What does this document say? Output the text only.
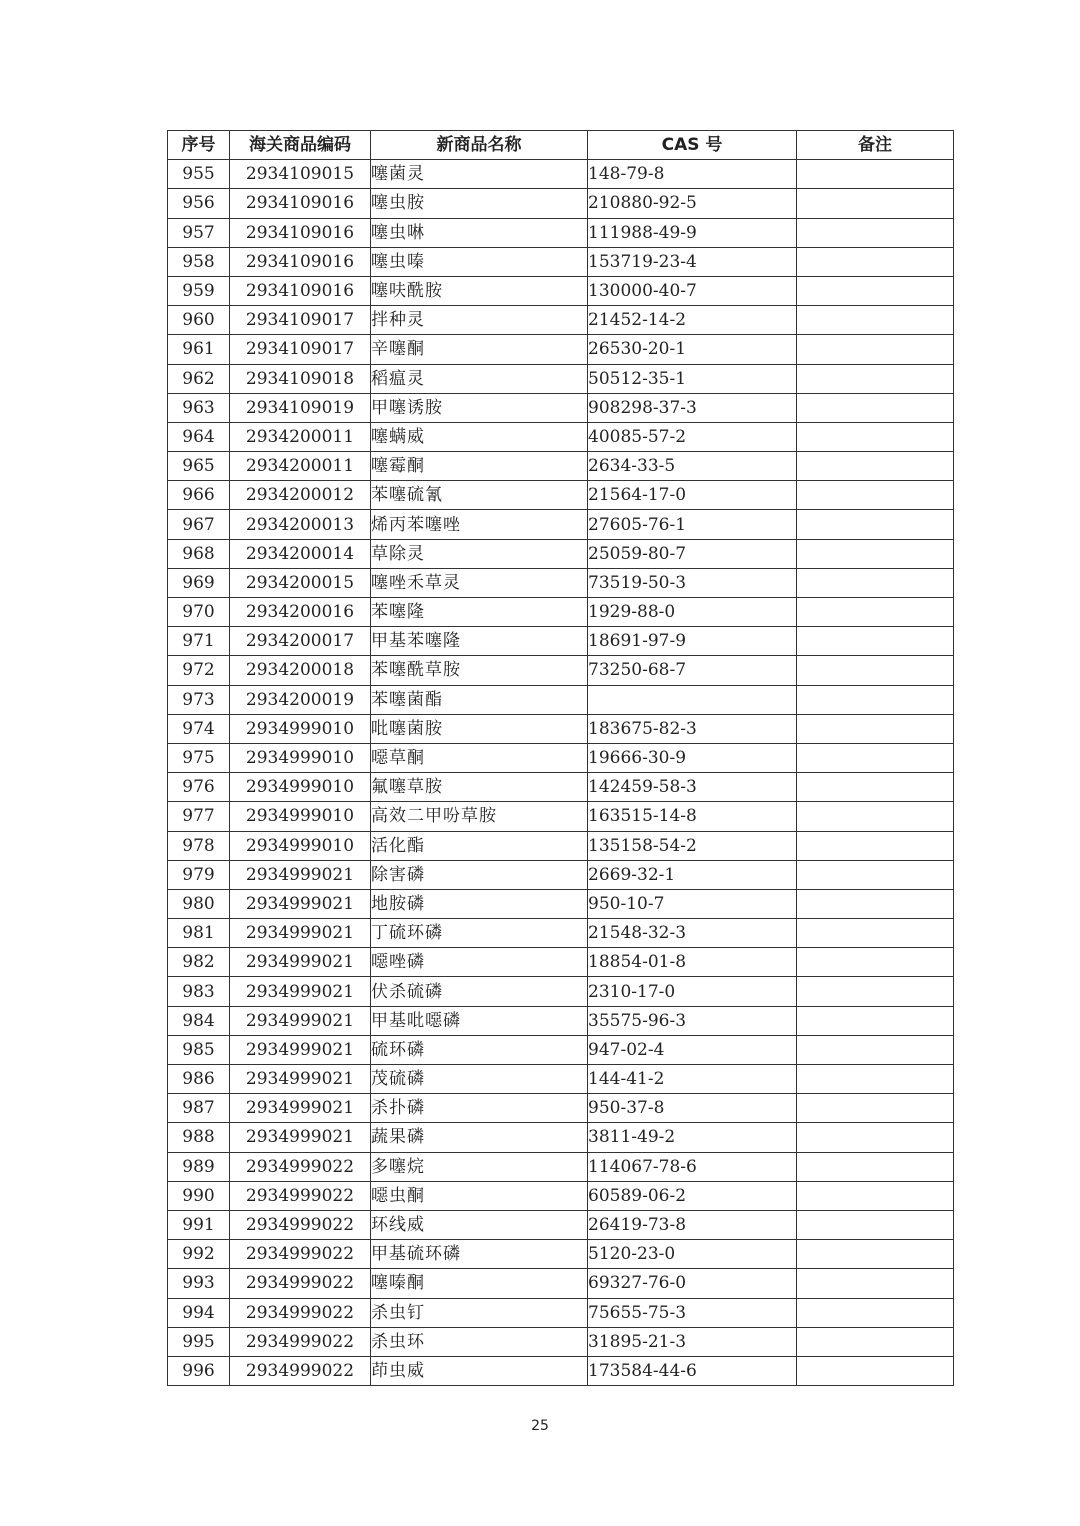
序号	海关商品编码	新商品名称	CAS 号	备注
955	2934109015	噻菌灵	148-79-8	
956	2934109016	噻虫胺	210880-92-5	
957	2934109016	噻虫啉	111988-49-9	
958	2934109016	噻虫嗪	153719-23-4	
959	2934109016	噻呋酰胺	130000-40-7	
960	2934109017	拌种灵	21452-14-2	
961	2934109017	辛噻酮	26530-20-1	
962	2934109018	稻瘟灵	50512-35-1	
963	2934109019	甲噻诱胺	908298-37-3	
964	2934200011	噻螨威	40085-57-2	
965	2934200011	噻霉酮	2634-33-5	
966	2934200012	苯噻硫氰	21564-17-0	
967	2934200013	烯丙苯噻唑	27605-76-1	
968	2934200014	草除灵	25059-80-7	
969	2934200015	噻唑禾草灵	73519-50-3	
970	2934200016	苯噻隆	1929-88-0	
971	2934200017	甲基苯噻隆	18691-97-9	
972	2934200018	苯噻酰草胺	73250-68-7	
973	2934200019	苯噻菌酯		
974	2934999010	吡噻菌胺	183675-82-3	
975	2934999010	噁草酮	19666-30-9	
976	2934999010	氟噻草胺	142459-58-3	
977	2934999010	高效二甲吩草胺	163515-14-8	
978	2934999010	活化酯	135158-54-2	
979	2934999021	除害磷	2669-32-1	
980	2934999021	地胺磷	950-10-7	
981	2934999021	丁硫环磷	21548-32-3	
982	2934999021	噁唑磷	18854-01-8	
983	2934999021	伏杀硫磷	2310-17-0	
984	2934999021	甲基吡噁磷	35575-96-3	
985	2934999021	硫环磷	947-02-4	
986	2934999021	茂硫磷	144-41-2	
987	2934999021	杀扑磷	950-37-8	
988	2934999021	蔬果磷	3811-49-2	
989	2934999022	多噻烷	114067-78-6	
990	2934999022	噁虫酮	60589-06-2	
991	2934999022	环线威	26419-73-8	
992	2934999022	甲基硫环磷	5120-23-0	
993	2934999022	噻嗪酮	69327-76-0	
994	2934999022	杀虫钉	75655-75-3	
995	2934999022	杀虫环	31895-21-3	
996	2934999022	茚虫威	173584-44-6	
25
